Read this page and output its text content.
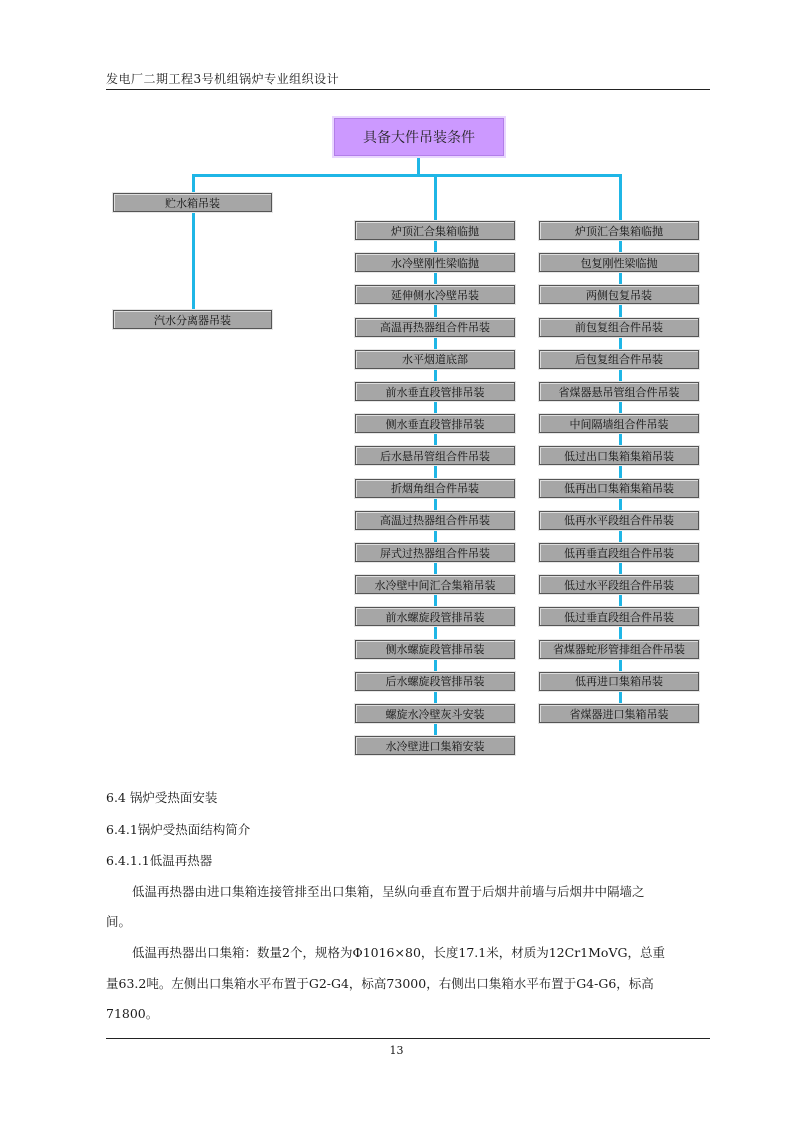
发电厂二期工程3号机组锅炉专业组织设计
具备大件吊装条件
贮水箱吊装
汽水分离器吊装
炉顶汇合集箱临抛
水冷壁刚性梁临抛
延伸侧水冷壁吊装
高温再热器组合件吊装
水平烟道底部
前水垂直段管排吊装
侧水垂直段管排吊装
后水悬吊管组合件吊装
折烟角组合件吊装
高温过热器组合件吊装
屏式过热器组合件吊装
水冷壁中间汇合集箱吊装
前水螺旋段管排吊装
侧水螺旋段管排吊装
后水螺旋段管排吊装
螺旋水冷壁灰斗安装
水冷壁进口集箱安装
炉顶汇合集箱临抛
包复刚性梁临抛
两侧包复吊装
前包复组合件吊装
后包复组合件吊装
省煤器悬吊管组合件吊装
中间隔墙组合件吊装
低过出口集箱集箱吊装
低再出口集箱集箱吊装
低再水平段组合件吊装
低再垂直段组合件吊装
低过水平段组合件吊装
低过垂直段组合件吊装
省煤器蛇形管排组合件吊装
低再进口集箱吊装
省煤器进口集箱吊装
6.4 锅炉受热面安装
6.4.1锅炉受热面结构简介
6.4.1.1低温再热器
低温再热器由进口集箱连接管排至出口集箱，呈纵向垂直布置于后烟井前墙与后烟井中隔墙之
间。
低温再热器出口集箱：数量2个，规格为Φ1016×80，长度17.1米，材质为12Cr1MoVG，总重
量63.2吨。左侧出口集箱水平布置于G2-G4，标高73000，右侧出口集箱水平布置于G4-G6，标高
71800。
13
